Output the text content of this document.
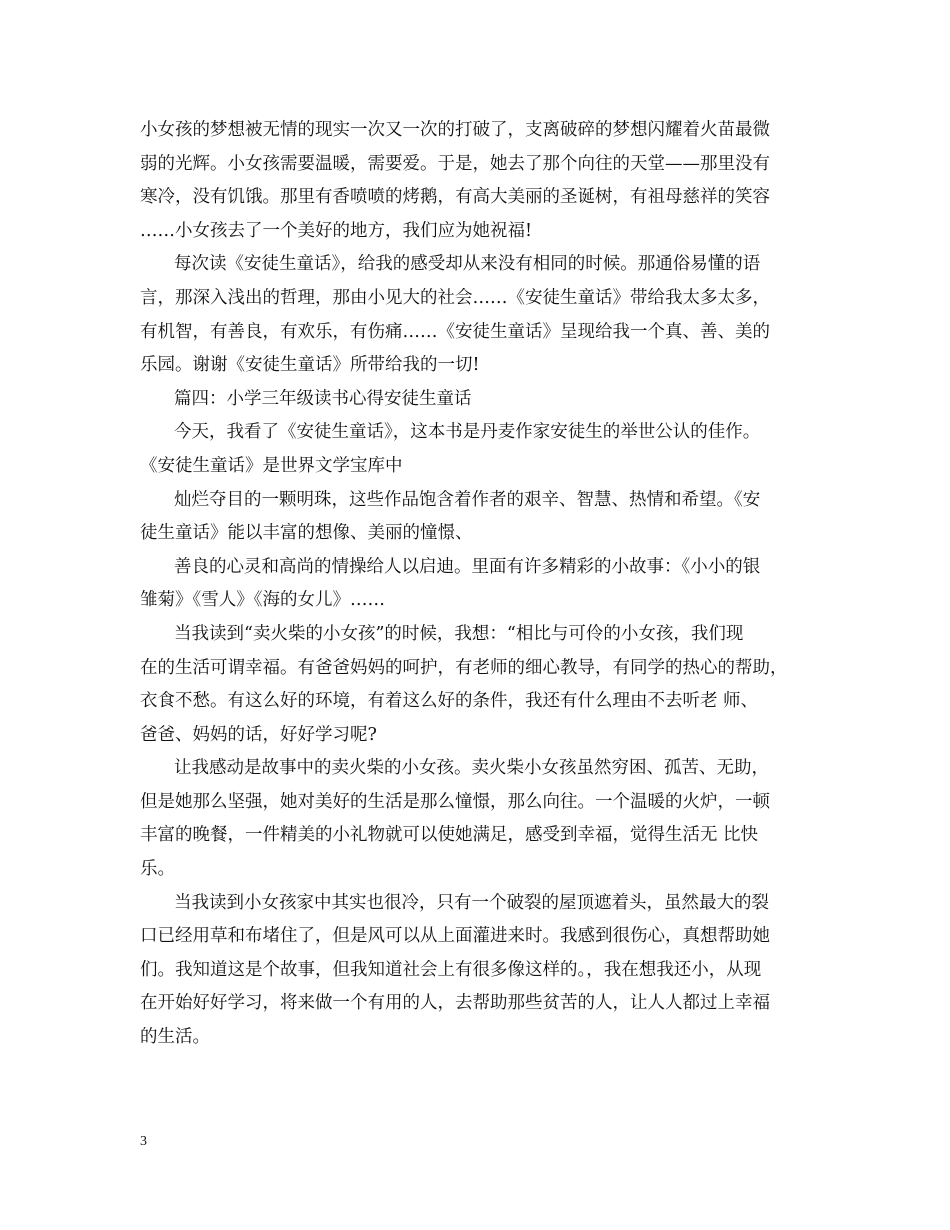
小女孩的梦想被无情的现实一次又一次的打破了，支离破碎的梦想闪耀着火苗最微
弱的光辉。小女孩需要温暖，需要爱。于是，她去了那个向往的天堂——那里没有
寒冷，没有饥饿。那里有香喷喷的烤鹅，有高大美丽的圣诞树，有祖母慈祥的笑容
……小女孩去了一个美好的地方，我们应为她祝福!
每次读《安徒生童话》，给我的感受却从来没有相同的时候。那通俗易懂的语
言，那深入浅出的哲理，那由小见大的社会……《安徒生童话》带给我太多太多，
有机智，有善良，有欢乐，有伤痛……《安徒生童话》呈现给我一个真、善、美的
乐园。谢谢《安徒生童话》所带给我的一切!
篇四：小学三年级读书心得安徒生童话
今天，我看了《安徒生童话》，这本书是丹麦作家安徒生的举世公认的佳作。
《安徒生童话》是世界文学宝库中
灿烂夺目的一颗明珠，这些作品饱含着作者的艰辛、智慧、热情和希望。《安
徒生童话》能以丰富的想像、美丽的憧憬、
善良的心灵和高尚的情操给人以启迪。里面有许多精彩的小故事：《小小的银
雏菊》《雪人》《海的女儿》……
当我读到“卖火柴的小女孩”的时候，我想：“相比与可伶的小女孩，我们现
在的生活可谓幸福。有爸爸妈妈的呵护，有老师的细心教导，有同学的热心的帮助，
衣食不愁。有这么好的环境，有着这么好的条件，我还有什么理由不去听老 师、
爸爸、妈妈的话，好好学习呢?
让我感动是故事中的卖火柴的小女孩。卖火柴小女孩虽然穷困、孤苦、无助，
但是她那么坚强，她对美好的生活是那么憧憬，那么向往。一个温暖的火炉，一顿
丰富的晚餐，一件精美的小礼物就可以使她满足，感受到幸福，觉得生活无 比快
乐。
当我读到小女孩家中其实也很冷，只有一个破裂的屋顶遮着头，虽然最大的裂
口已经用草和布堵住了，但是风可以从上面灌进来时。我感到很伤心，真想帮助她
们。我知道这是个故事，但我知道社会上有很多像这样的。，我在想我还小，从现
在开始好好学习，将来做一个有用的人，去帮助那些贫苦的人，让人人都过上幸福
的生活。
3
